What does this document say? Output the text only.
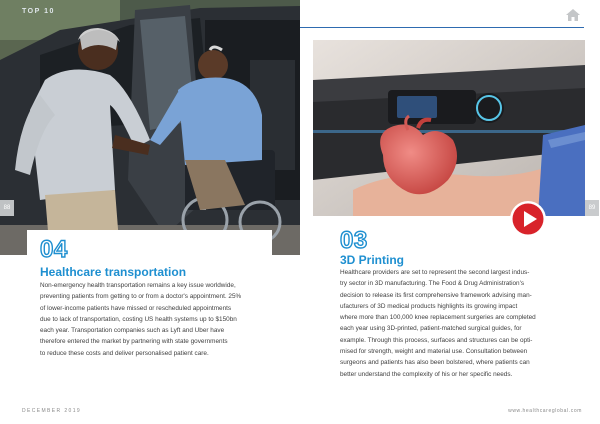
TOP 10
88	89
04
Healthcare transportation

Non-emergency health transportation remains a key issue worldwide,

preventing patients from getting to or from a doctor's appointment. 25%

of lower-income patients have missed or rescheduled appointments

due to lack of transportation, costing US health systems up to $150bn

each year. Transportation companies such as Lyft and Uber have

therefore entered the market by partnering with state governments

to reduce these costs and deliver personalised patient care.

03
3D Printing

Healthcare providers are set to represent the second largest indus-

try sector in 3D manufacturing. The Food & Drug Administration's

decision to release its first comprehensive framework advising man-

ufacturers of 3D medical products highlights its growing impact

where more than 100,000 knee replacement surgeries are completed

each year using 3D-printed, patient-matched surgical guides, for

example. Through this process, surfaces and structures can be opti-

mised for strength, weight and material use. Consultation between

surgeons and patients has also been bolstered, where patients can

better understand the complexity of his or her specific needs.

DECEMBER 2019	www.healthcareglobal.com
